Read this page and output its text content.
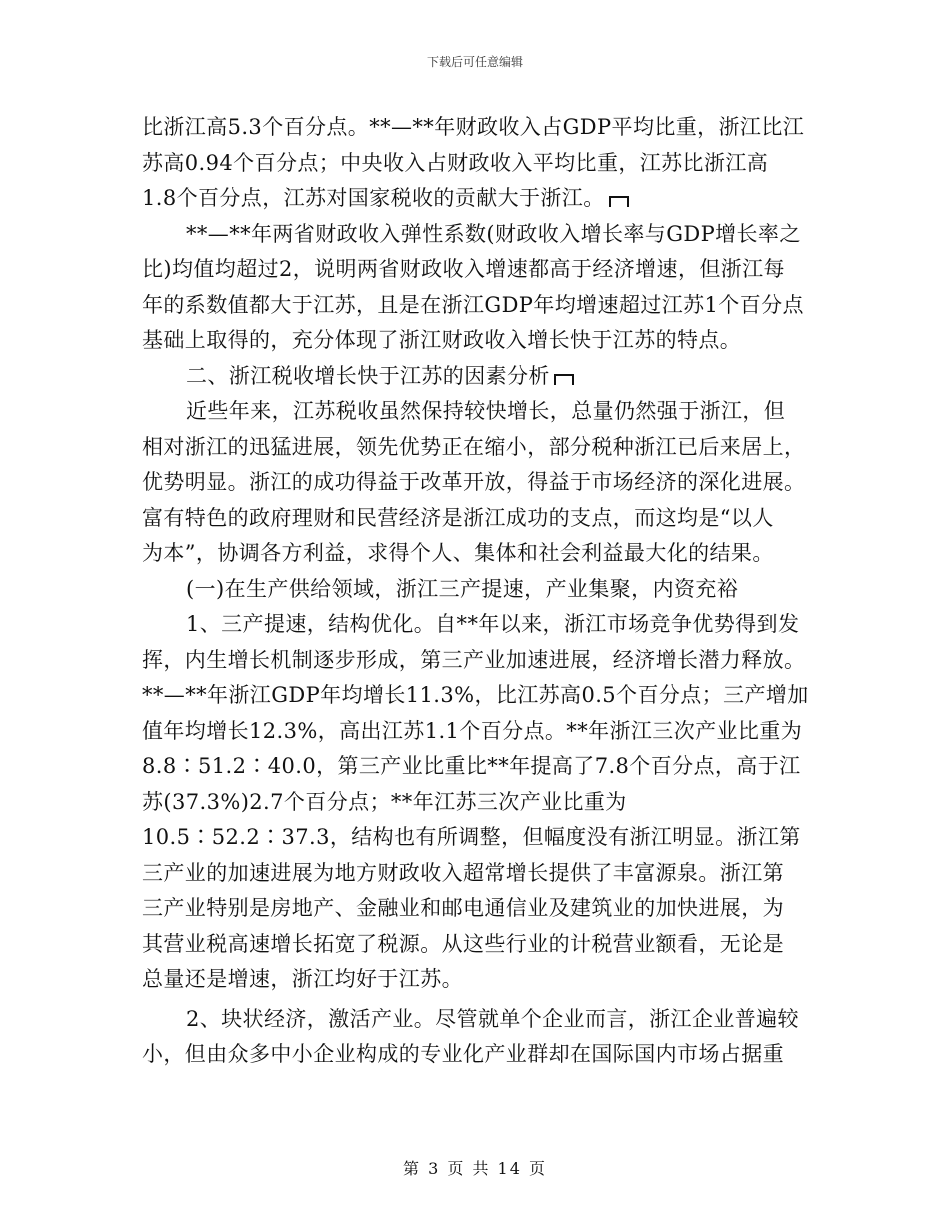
下载后可任意编辑
比浙江高5.3个百分点。**—**年财政收入占GDP平均比重，浙江比江
苏高0.94个百分点；中央收入占财政收入平均比重，江苏比浙江高
1.8个百分点，江苏对国家税收的贡献大于浙江。
**—**年两省财政收入弹性系数(财政收入增长率与GDP增长率之
比)均值均超过2，说明两省财政收入增速都高于经济增速，但浙江每
年的系数值都大于江苏，且是在浙江GDP年均增速超过江苏1个百分点
基础上取得的，充分体现了浙江财政收入增长快于江苏的特点。
二、浙江税收增长快于江苏的因素分析
近些年来，江苏税收虽然保持较快增长，总量仍然强于浙江，但
相对浙江的迅猛进展，领先优势正在缩小，部分税种浙江已后来居上，
优势明显。浙江的成功得益于改革开放，得益于市场经济的深化进展。
富有特色的政府理财和民营经济是浙江成功的支点，而这均是“以人
为本”，协调各方利益，求得个人、集体和社会利益最大化的结果。
(一)在生产供给领域，浙江三产提速，产业集聚，内资充裕
1、三产提速，结构优化。自**年以来，浙江市场竞争优势得到发
挥，内生增长机制逐步形成，第三产业加速进展，经济增长潜力释放。
**—**年浙江GDP年均增长11.3%，比江苏高0.5个百分点；三产增加
值年均增长12.3%，高出江苏1.1个百分点。**年浙江三次产业比重为
8.8∶51.2∶40.0，第三产业比重比**年提高了7.8个百分点，高于江
苏(37.3%)2.7个百分点；**年江苏三次产业比重为
10.5∶52.2∶37.3，结构也有所调整，但幅度没有浙江明显。浙江第
三产业的加速进展为地方财政收入超常增长提供了丰富源泉。浙江第
三产业特别是房地产、金融业和邮电通信业及建筑业的加快进展，为
其营业税高速增长拓宽了税源。从这些行业的计税营业额看，无论是
总量还是增速，浙江均好于江苏。
2、块状经济，激活产业。尽管就单个企业而言，浙江企业普遍较
小，但由众多中小企业构成的专业化产业群却在国际国内市场占据重
第 3 页 共 14 页
